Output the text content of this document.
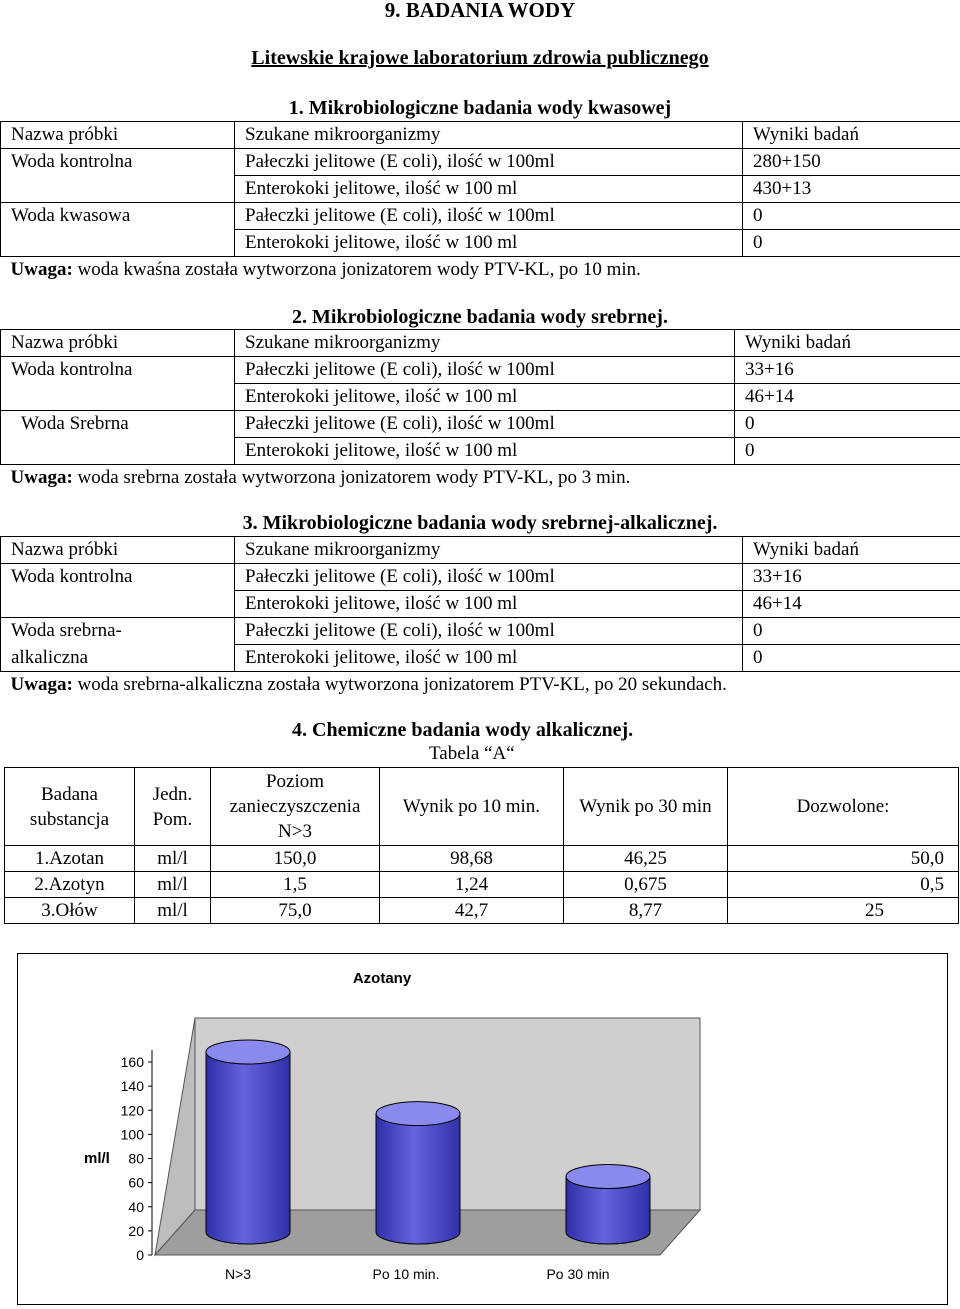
9. BADANIA WODY
Litewskie krajowe laboratorium zdrowia publicznego
1. Mikrobiologiczne badania wody kwasowej
Nazwa próbki	Szukane mikroorganizmy	Wyniki badań
Woda kontrolna	Pałeczki jelitowe (E coli), ilość w 100ml	280+150
	Enterokoki jelitowe, ilość w 100 ml	430+13
Woda kwasowa	Pałeczki jelitowe (E coli), ilość w 100ml	0
	Enterokoki jelitowe, ilość w 100 ml	0
Uwaga: woda kwaśna została wytworzona jonizatorem wody PTV-KL, po 10 min.		
2. Mikrobiologiczne badania wody srebrnej.
Nazwa próbki	Szukane mikroorganizmy	Wyniki badań
Woda kontrolna	Pałeczki jelitowe (E coli), ilość w 100ml	33+16
	Enterokoki jelitowe, ilość w 100 ml	46+14
Woda Srebrna	Pałeczki jelitowe (E coli), ilość w 100ml	0
	Enterokoki jelitowe, ilość w 100 ml	0
Uwaga: woda srebrna została wytworzona jonizatorem wody PTV-KL, po 3 min.		
3. Mikrobiologiczne badania wody srebrnej-alkalicznej.
Nazwa próbki	Szukane mikroorganizmy	Wyniki badań
Woda kontrolna	Pałeczki jelitowe (E coli), ilość w 100ml	33+16
	Enterokoki jelitowe, ilość w 100 ml	46+14
Woda srebrna-	Pałeczki jelitowe (E coli), ilość w 100ml	0
alkaliczna	Enterokoki jelitowe, ilość w 100 ml	0
Uwaga: woda srebrna-alkaliczna została wytworzona jonizatorem PTV-KL, po 20 sekundach.		
4. Chemiczne badania wody alkalicznej.
Tabela “A“
Badana substancja	Jedn. Pom.	Poziom zanieczyszczenia N>3	Wynik po 10 min.	Wynik po 30 min	Dozwolone:
1.Azotan	ml/l	150,0	98,68	46,25	50,0
2.Azotyn	ml/l	1,5	1,24	0,675	0,5
3.Ołów	ml/l	75,0	42,7	8,77	25
Azotany
ml/l
0
20
40
60
80
100
120
140
160
N>3	Po 10 min.	Po 30 min
